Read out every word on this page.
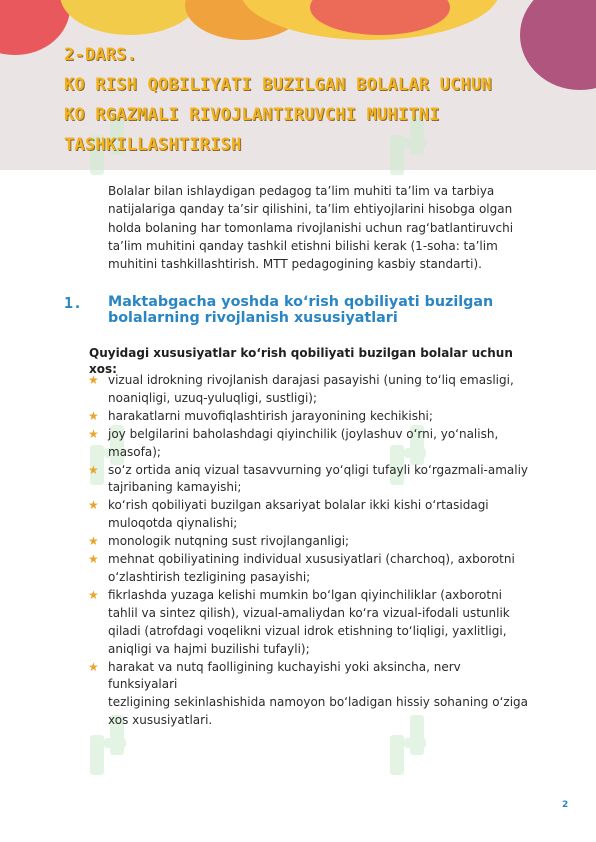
2-DARS.
KO RISH QOBILIYATI BUZILGAN BOLALAR UCHUN
KO RGAZMALI RIVOJLANTIRUVCHI MUHITNI
TASHKILLASHTIRISH

Bolalar bilan ishlaydigan pedagog ta’lim muhiti ta’lim va tarbiya
natijalariga qanday ta’sir qilishini, ta’lim ehtiyojlarini hisobga olgan
holda bolaning har tomonlama rivojlanishi uchun rag‘batlantiruvchi
ta’lim muhitini qanday tashkil etishni bilishi kerak (1-soha: ta’lim
muhitini tashkillashtirish. MTT pedagogining kasbiy standarti).

1. Maktabgacha yoshda ko‘rish qobiliyati buzilgan
bolalarning rivojlanish xususiyatlari

Quyidagi xususiyatlar ko‘rish qobiliyati buzilgan bolalar uchun xos:

★ vizual idrokning rivojlanish darajasi pasayishi (uning to‘liq emasligi,
noaniqligi, uzuq-yuluqligi, sustligi);
★ harakatlarni muvofiqlashtirish jarayonining kechikishi;
★ joy belgilarini baholashdagi qiyinchilik (joylashuv o‘rni, yo‘nalish,
masofa);
★ so‘z ortida aniq vizual tasavvurning yo‘qligi tufayli ko‘rgazmali-amaliy
tajribaning kamayishi;
★ ko‘rish qobiliyati buzilgan aksariyat bolalar ikki kishi o‘rtasidagi
muloqotda qiynalishi;
★ monologik nutqning sust rivojlanganligi;
★ mehnat qobiliyatining individual xususiyatlari (charchoq), axborotni
o‘zlashtirish tezligining pasayishi;
★ fikrlashda yuzaga kelishi mumkin bo‘lgan qiyinchiliklar (axborotni
tahlil va sintez qilish), vizual-amaliydan ko‘ra vizual-ifodali ustunlik
qiladi (atrofdagi voqelikni vizual idrok etishning to‘liqligi, yaxlitligi,
aniqligi va hajmi buzilishi tufayli);
★ harakat va nutq faolligining kuchayishi yoki aksincha, nerv funksiyalari
tezligining sekinlashishida namoyon bo‘ladigan hissiy sohaning o‘ziga
xos xususiyatlari.
2
